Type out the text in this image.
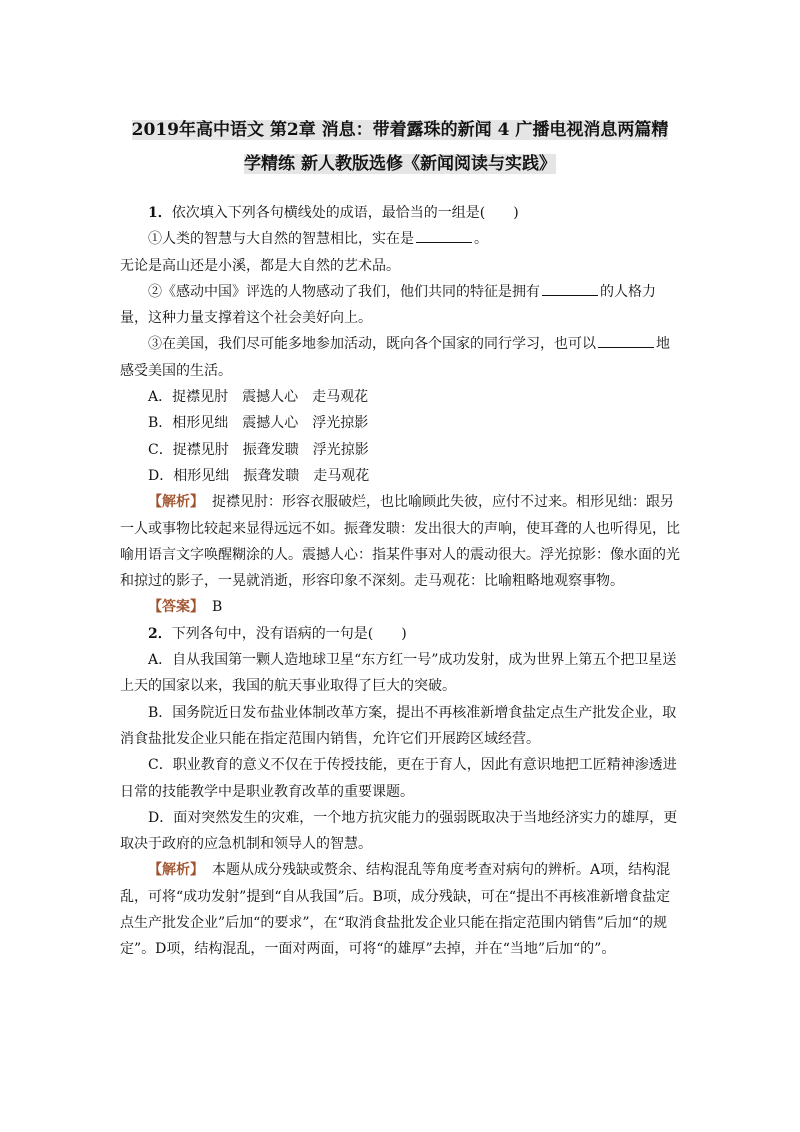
2019年高中语文 第2章 消息：带着露珠的新闻 4 广播电视消息两篇精
学精练 新人教版选修《新闻阅读与实践》

1．依次填入下列各句横线处的成语，最恰当的一组是(　　)

①人类的智慧与大自然的智慧相比，实在是	。

无论是高山还是小溪，都是大自然的艺术品。

②《感动中国》评选的人物感动了我们，他们共同的特征是拥有	的人格力量，这种力量支撑着这个社会美好向上。

③在美国，我们尽可能多地参加活动，既向各个国家的同行学习，也可以	地感受美国的生活。

A．捉襟见肘 震撼人心 走马观花

B．相形见绌 震撼人心 浮光掠影

C．捉襟见肘 振聋发聩 浮光掠影

D．相形见绌 振聋发聩 走马观花

【解析】 捉襟见肘：形容衣服破烂，也比喻顾此失彼，应付不过来。相形见绌：跟另一人或事物比较起来显得远远不如。振聋发聩：发出很大的声响，使耳聋的人也听得见，比喻用语言文字唤醒糊涂的人。震撼人心：指某件事对人的震动很大。浮光掠影：像水面的光和掠过的影子，一晃就消逝，形容印象不深刻。走马观花：比喻粗略地观察事物。

【答案】 B

2．下列各句中，没有语病的一句是(　　)

A．自从我国第一颗人造地球卫星“东方红一号”成功发射，成为世界上第五个把卫星送上天的国家以来，我国的航天事业取得了巨大的突破。

B．国务院近日发布盐业体制改革方案，提出不再核准新增食盐定点生产批发企业，取消食盐批发企业只能在指定范围内销售，允许它们开展跨区域经营。

C．职业教育的意义不仅在于传授技能，更在于育人，因此有意识地把工匠精神渗透进日常的技能教学中是职业教育改革的重要课题。

D．面对突然发生的灾难，一个地方抗灾能力的强弱既取决于当地经济实力的雄厚，更取决于政府的应急机制和领导人的智慧。

【解析】 本题从成分残缺或赘余、结构混乱等角度考查对病句的辨析。A项，结构混乱，可将“成功发射”提到“自从我国”后。B项，成分残缺，可在“提出不再核准新增食盐定点生产批发企业”后加“的要求”，在“取消食盐批发企业只能在指定范围内销售”后加“的规定”。D项，结构混乱，一面对两面，可将“的雄厚”去掉，并在“当地”后加“的”。
